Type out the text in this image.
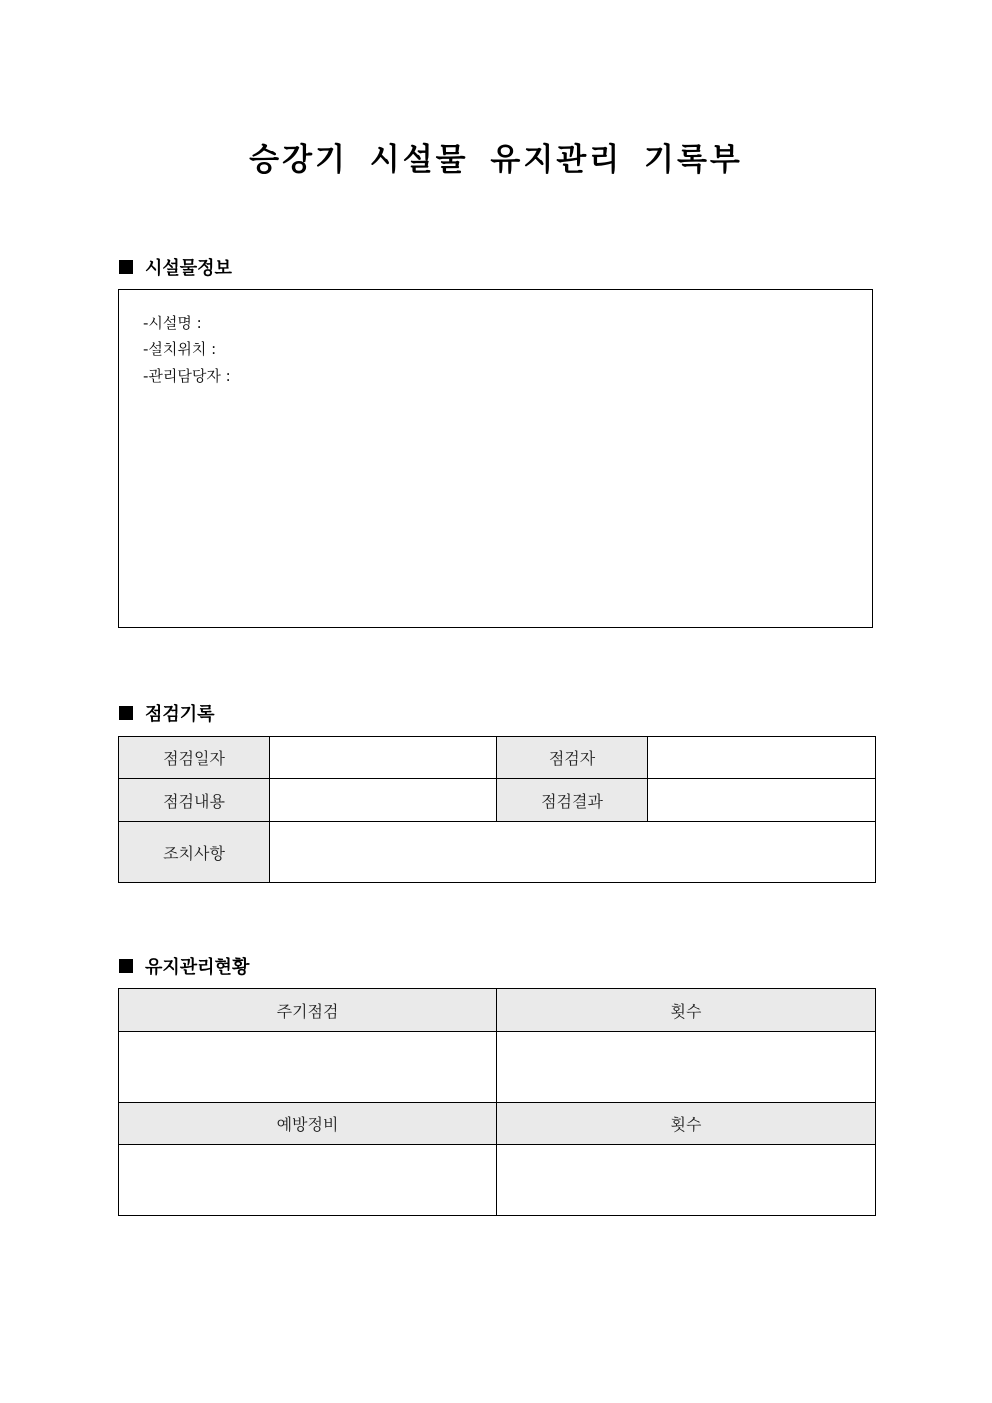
승강기 시설물 유지관리 기록부
시설물정보
-시설명 :
-설치위치 :
-관리담당자 :
점검기록
점검일자		점검자	
점검내용		점검결과	
조치사항			
유지관리현황
주기점검	횟수

예방정비	횟수
